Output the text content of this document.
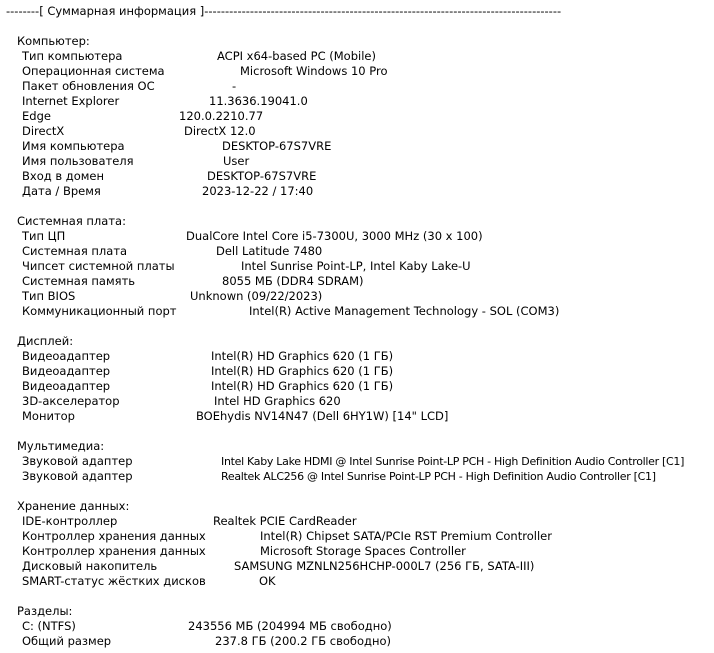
--------[ Суммарная информация ]--------------------------------------------------------------------------------------
Компьютер:
Тип компьютера	ACPI x64-based PC (Mobile)
Операционная система	Microsoft Windows 10 Pro
Пакет обновления ОС	-
Internet Explorer	11.3636.19041.0
Edge	120.0.2210.77
DirectX	DirectX 12.0
Имя компьютера	DESKTOP-67S7VRE
Имя пользователя	User
Вход в домен	DESKTOP-67S7VRE
Дата / Время	2023-12-22 / 17:40
Системная плата:
Тип ЦП	DualCore Intel Core i5-7300U, 3000 MHz (30 x 100)
Системная плата	Dell Latitude 7480
Чипсет системной платы	Intel Sunrise Point-LP, Intel Kaby Lake-U
Системная память	8055 МБ (DDR4 SDRAM)
Тип BIOS	Unknown (09/22/2023)
Коммуникационный порт	Intel(R) Active Management Technology - SOL (COM3)
Дисплей:
Видеоадаптер	Intel(R) HD Graphics 620 (1 ГБ)
Видеоадаптер	Intel(R) HD Graphics 620 (1 ГБ)
Видеоадаптер	Intel(R) HD Graphics 620 (1 ГБ)
3D-акселератор	Intel HD Graphics 620
Монитор	BOEhydis NV14N47 (Dell 6HY1W) [14" LCD]
Мультимедиа:
Звуковой адаптер	Intel Kaby Lake HDMI @ Intel Sunrise Point-LP PCH - High Definition Audio Controller [C1]
Звуковой адаптер	Realtek ALC256 @ Intel Sunrise Point-LP PCH - High Definition Audio Controller [C1]
Хранение данных:
IDE-контроллер	Realtek PCIE CardReader
Контроллер хранения данных	Intel(R) Chipset SATA/PCIe RST Premium Controller
Контроллер хранения данных	Microsoft Storage Spaces Controller
Дисковый накопитель	SAMSUNG MZNLN256HCHP-000L7 (256 ГБ, SATA-III)
SMART-статус жёстких дисков	OK
Разделы:
C: (NTFS)	243556 МБ (204994 МБ свободно)
Общий размер	237.8 ГБ (200.2 ГБ свободно)
